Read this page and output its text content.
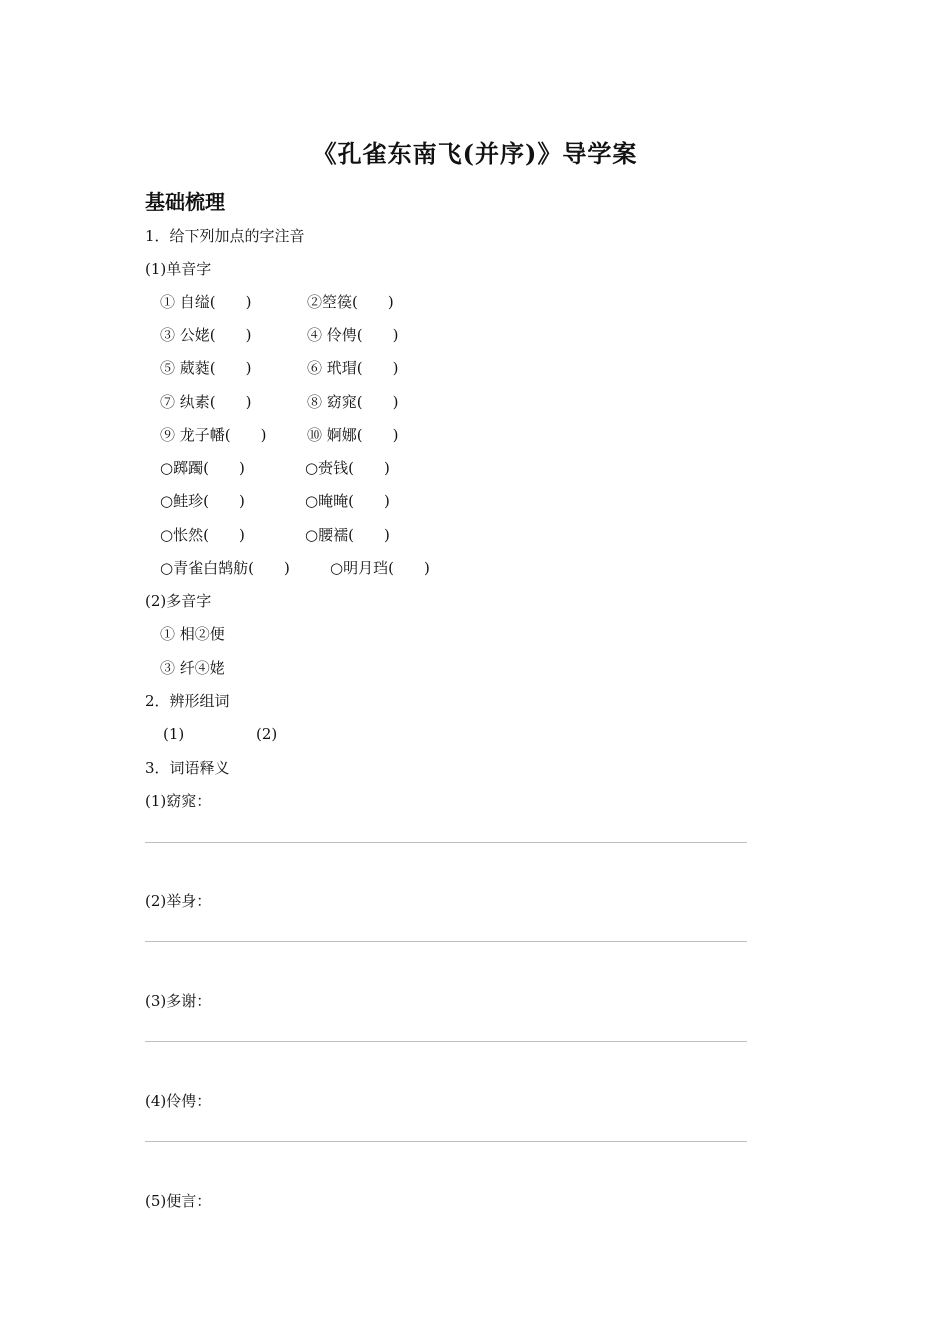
《孔雀东南飞(并序)》导学案
基础梳理
1．给下列加点的字注音
(1)单音字
① 自缢(　　)	②箜篌(　　)
③ 公姥(　　)	④ 伶俜(　　)
⑤ 葳蕤(　　)	⑥ 玳瑁(　　)
⑦ 纨素(　　)	⑧ 窈窕(　　)
⑨ 龙子幡(　　)	⑩ 婀娜(　　)
○踯躅(　　)	○赍钱(　　)
○鲑珍(　　)	○晻晻(　　)
○怅然(　　)	○腰襦(　　)
○青雀白鹄舫(　　)	○明月珰(　　)
(2)多音字
① 相②便
③ 纤④姥
2．辨形组词
(1)	(2)
3．词语释义
(1)窈窕：
(2)举身：
(3)多谢：
(4)伶俜：
(5)便言：
